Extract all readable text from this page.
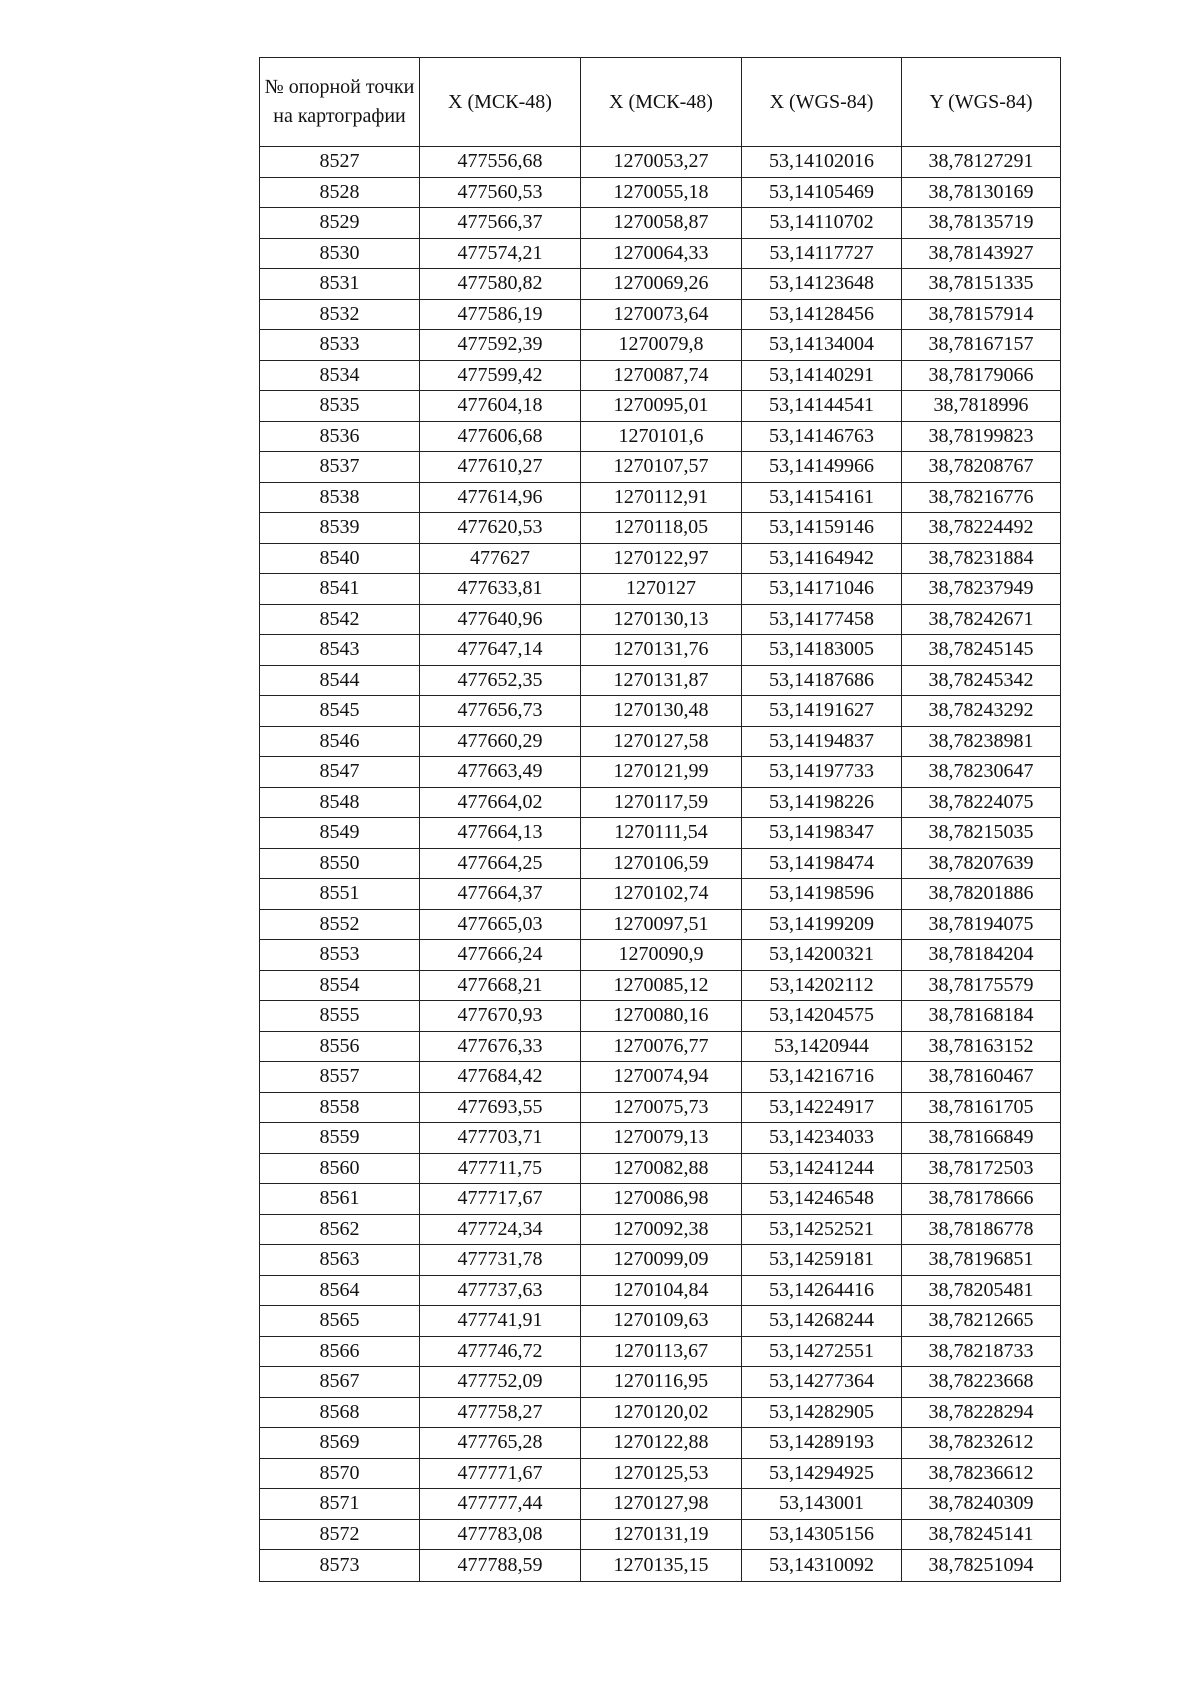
№ опорной точки на картографии	X (МСК-48)	X (МСК-48)	X (WGS-84)	Y (WGS-84)
8527	477556,68	1270053,27	53,14102016	38,78127291
8528	477560,53	1270055,18	53,14105469	38,78130169
8529	477566,37	1270058,87	53,14110702	38,78135719
8530	477574,21	1270064,33	53,14117727	38,78143927
8531	477580,82	1270069,26	53,14123648	38,78151335
8532	477586,19	1270073,64	53,14128456	38,78157914
8533	477592,39	1270079,8	53,14134004	38,78167157
8534	477599,42	1270087,74	53,14140291	38,78179066
8535	477604,18	1270095,01	53,14144541	38,7818996
8536	477606,68	1270101,6	53,14146763	38,78199823
8537	477610,27	1270107,57	53,14149966	38,78208767
8538	477614,96	1270112,91	53,14154161	38,78216776
8539	477620,53	1270118,05	53,14159146	38,78224492
8540	477627	1270122,97	53,14164942	38,78231884
8541	477633,81	1270127	53,14171046	38,78237949
8542	477640,96	1270130,13	53,14177458	38,78242671
8543	477647,14	1270131,76	53,14183005	38,78245145
8544	477652,35	1270131,87	53,14187686	38,78245342
8545	477656,73	1270130,48	53,14191627	38,78243292
8546	477660,29	1270127,58	53,14194837	38,78238981
8547	477663,49	1270121,99	53,14197733	38,78230647
8548	477664,02	1270117,59	53,14198226	38,78224075
8549	477664,13	1270111,54	53,14198347	38,78215035
8550	477664,25	1270106,59	53,14198474	38,78207639
8551	477664,37	1270102,74	53,14198596	38,78201886
8552	477665,03	1270097,51	53,14199209	38,78194075
8553	477666,24	1270090,9	53,14200321	38,78184204
8554	477668,21	1270085,12	53,14202112	38,78175579
8555	477670,93	1270080,16	53,14204575	38,78168184
8556	477676,33	1270076,77	53,1420944	38,78163152
8557	477684,42	1270074,94	53,14216716	38,78160467
8558	477693,55	1270075,73	53,14224917	38,78161705
8559	477703,71	1270079,13	53,14234033	38,78166849
8560	477711,75	1270082,88	53,14241244	38,78172503
8561	477717,67	1270086,98	53,14246548	38,78178666
8562	477724,34	1270092,38	53,14252521	38,78186778
8563	477731,78	1270099,09	53,14259181	38,78196851
8564	477737,63	1270104,84	53,14264416	38,78205481
8565	477741,91	1270109,63	53,14268244	38,78212665
8566	477746,72	1270113,67	53,14272551	38,78218733
8567	477752,09	1270116,95	53,14277364	38,78223668
8568	477758,27	1270120,02	53,14282905	38,78228294
8569	477765,28	1270122,88	53,14289193	38,78232612
8570	477771,67	1270125,53	53,14294925	38,78236612
8571	477777,44	1270127,98	53,143001	38,78240309
8572	477783,08	1270131,19	53,14305156	38,78245141
8573	477788,59	1270135,15	53,14310092	38,78251094
